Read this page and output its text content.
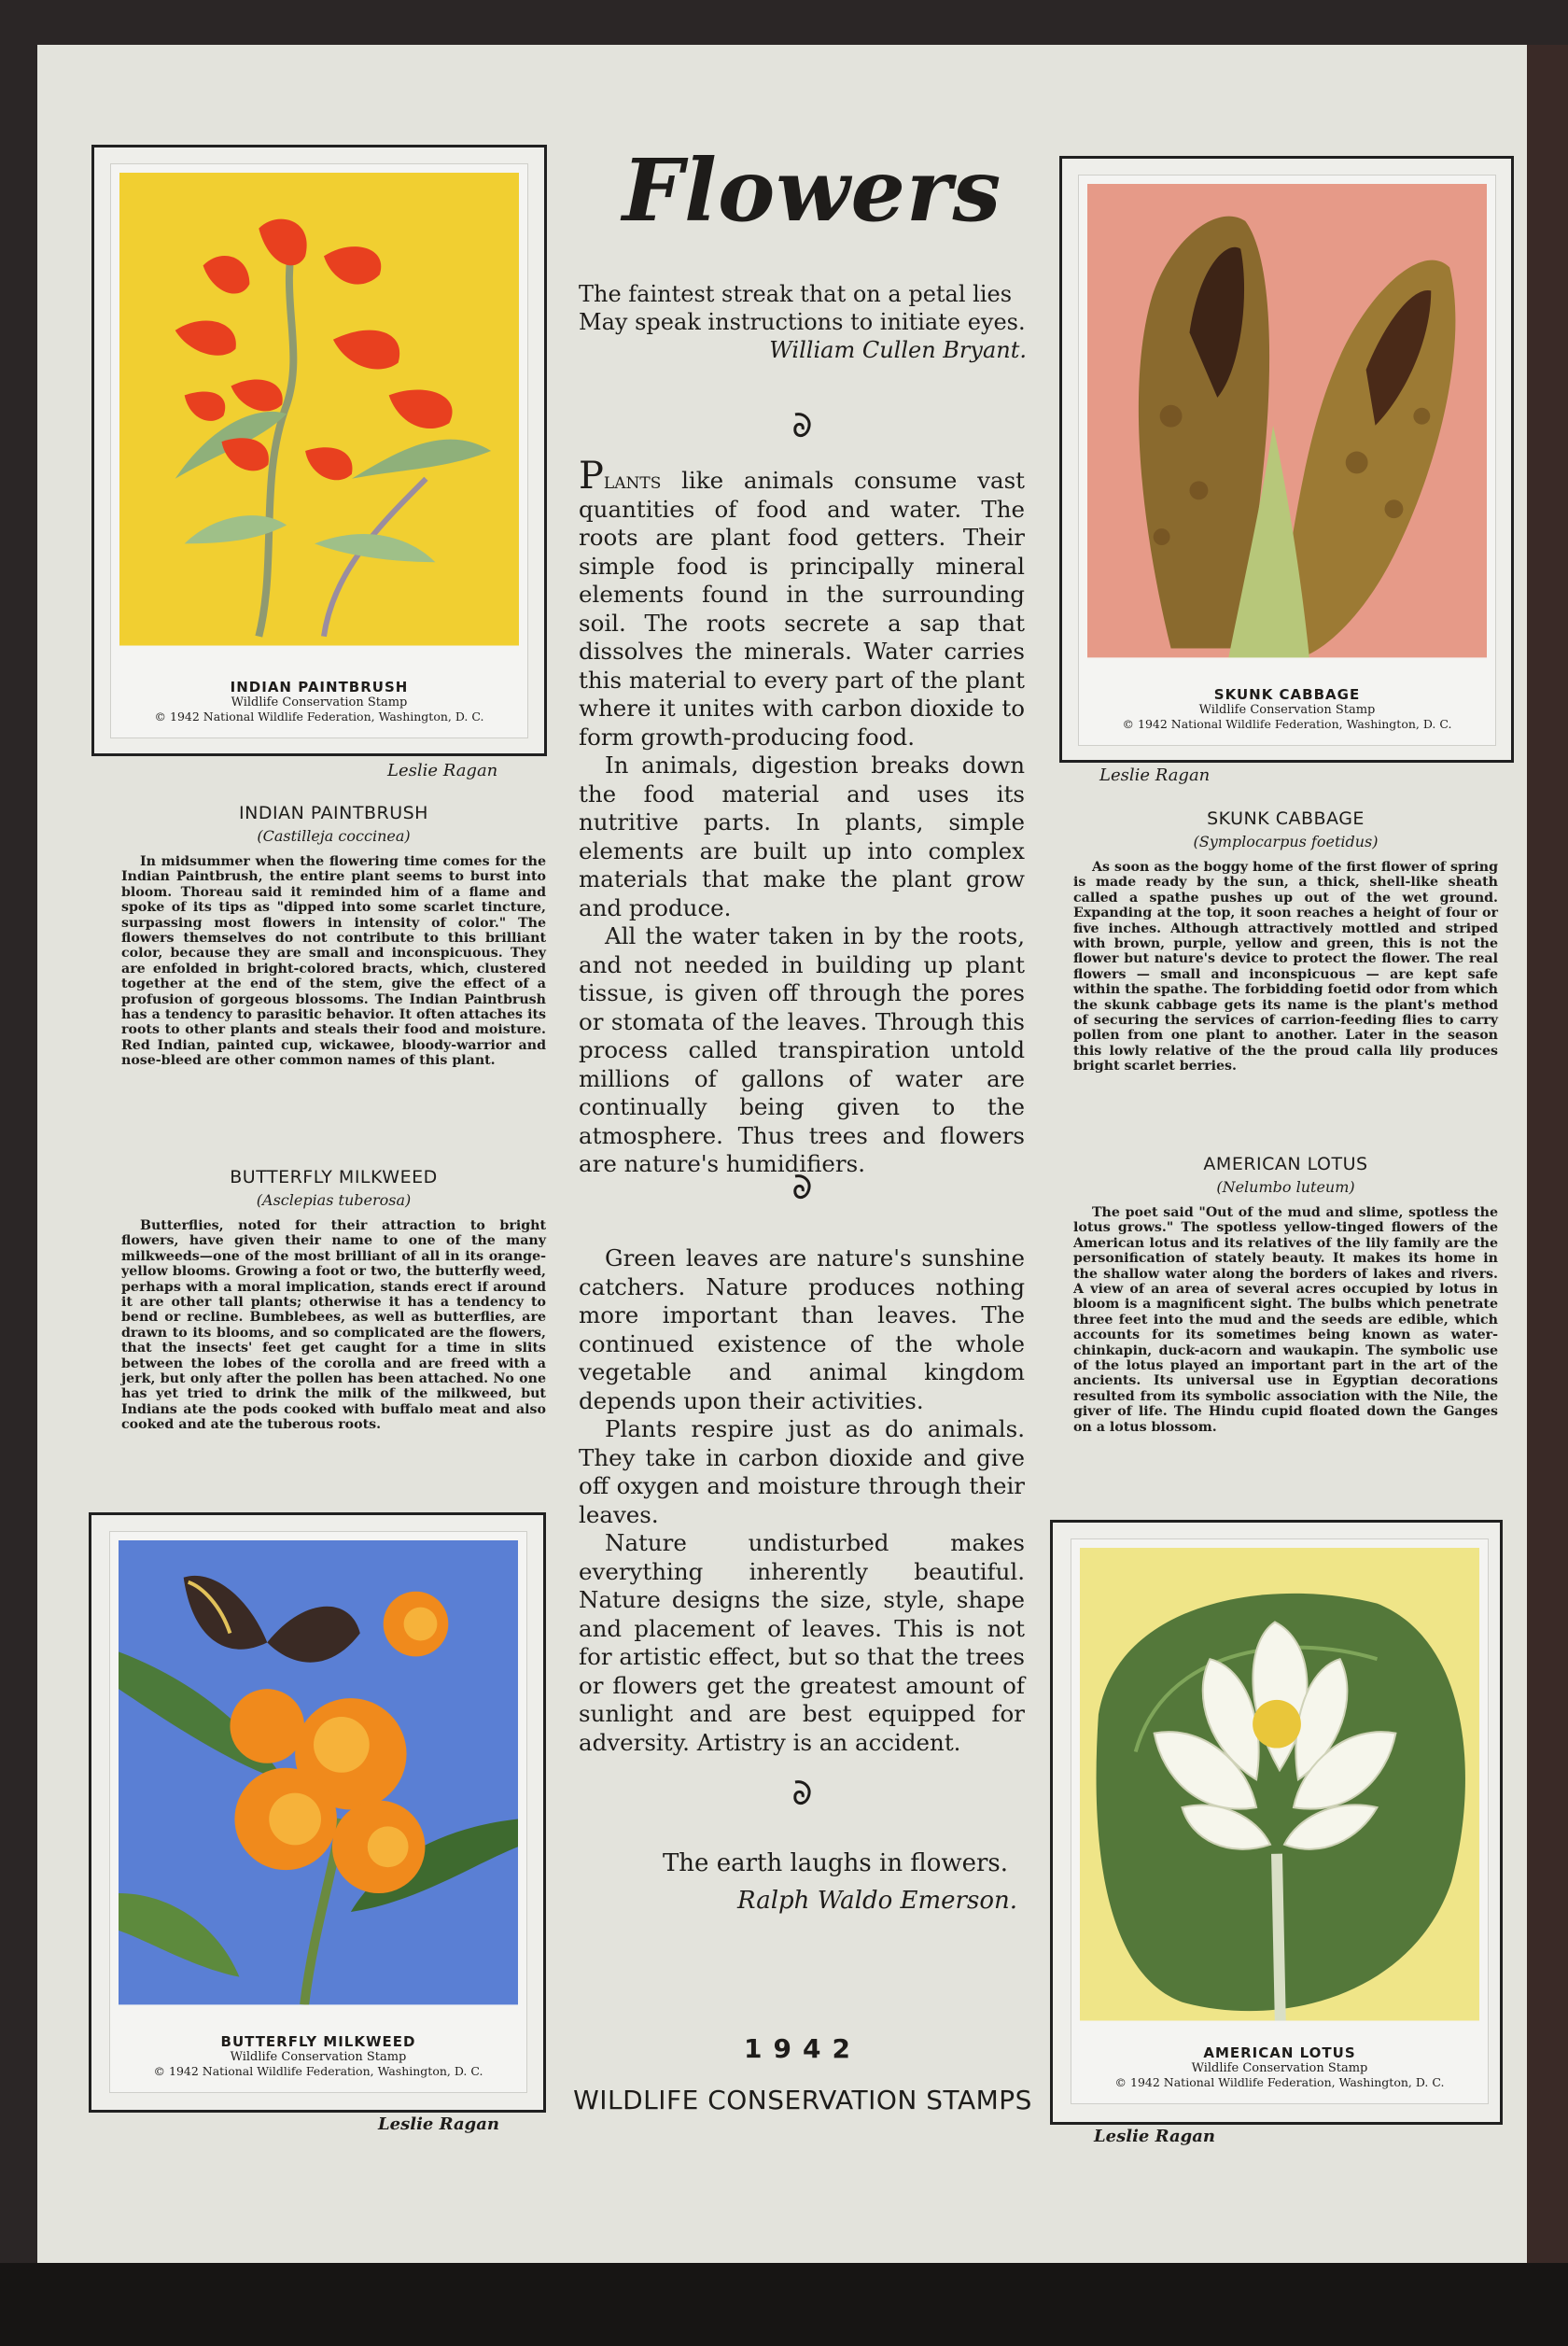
INDIAN PAINTBRUSH
Wildlife Conservation Stamp
© 1942 National Wildlife Federation, Washington, D. C.
Leslie Ragan
INDIAN PAINTBRUSH
(Castilleja coccinea)
In midsummer when the flowering time comes for the Indian Paintbrush, the entire plant seems to burst into bloom. Thoreau said it reminded him of a flame and spoke of its tips as "dipped into some scarlet tincture, surpassing most flowers in intensity of color." The flowers themselves do not contribute to this brilliant color, because they are small and inconspicuous. They are enfolded in bright-colored bracts, which, clustered together at the end of the stem, give the effect of a profusion of gorgeous blossoms. The Indian Paintbrush has a tendency to parasitic behavior. It often attaches its roots to other plants and steals their food and moisture. Red Indian, painted cup, wickawee, bloody-warrior and nose-bleed are other common names of this plant.
BUTTERFLY MILKWEED
(Asclepias tuberosa)
Butterflies, noted for their attraction to bright flowers, have given their name to one of the many milkweeds—one of the most brilliant of all in its orange-yellow blooms. Growing a foot or two, the butterfly weed, perhaps with a moral implication, stands erect if around it are other tall plants; otherwise it has a tendency to bend or recline. Bumblebees, as well as butterflies, are drawn to its blooms, and so complicated are the flowers, that the insects' feet get caught for a time in slits between the lobes of the corolla and are freed with a jerk, but only after the pollen has been attached. No one has yet tried to drink the milk of the milkweed, but Indians ate the pods cooked with buffalo meat and also cooked and ate the tuberous roots.
BUTTERFLY MILKWEED
Wildlife Conservation Stamp
© 1942 National Wildlife Federation, Washington, D. C.
Leslie Ragan
Flowers
The faintest streak that on a petal lies
May speak instructions to initiate eyes.
William Cullen Bryant.

Plants like animals consume vast quantities of food and water. The roots are plant food getters. Their simple food is principally mineral elements found in the surrounding soil. The roots secrete a sap that dissolves the minerals. Water carries this material to every part of the plant where it unites with carbon dioxide to form growth-producing food.

In animals, digestion breaks down the food material and uses its nutritive parts. In plants, simple elements are built up into complex materials that make the plant grow and produce.

All the water taken in by the roots, and not needed in building up plant tissue, is given off through the pores or stomata of the leaves. Through this process called transpiration untold millions of gallons of water are continually being given to the atmosphere. Thus trees and flowers are nature's humidifiers.

Green leaves are nature's sunshine catchers. Nature produces nothing more important than leaves. The continued existence of the whole vegetable and animal kingdom depends upon their activities.

Plants respire just as do animals. They take in carbon dioxide and give off oxygen and moisture through their leaves.

Nature undisturbed makes everything inherently beautiful. Nature designs the size, style, shape and placement of leaves. This is not for artistic effect, but so that the trees or flowers get the greatest amount of sunlight and are best equipped for adversity. Artistry is an accident.

The earth laughs in flowers.
Ralph Waldo Emerson.
1942
WILDLIFE CONSERVATION STAMPS
SKUNK CABBAGE
Wildlife Conservation Stamp
© 1942 National Wildlife Federation, Washington, D. C.
Leslie Ragan
SKUNK CABBAGE
(Symplocarpus foetidus)
As soon as the boggy home of the first flower of spring is made ready by the sun, a thick, shell-like sheath called a spathe pushes up out of the wet ground. Expanding at the top, it soon reaches a height of four or five inches. Although attractively mottled and striped with brown, purple, yellow and green, this is not the flower but nature's device to protect the flower. The real flowers — small and inconspicuous — are kept safe within the spathe. The forbidding foetid odor from which the skunk cabbage gets its name is the plant's method of securing the services of carrion-feeding flies to carry pollen from one plant to another. Later in the season this lowly relative of the the proud calla lily produces bright scarlet berries.
AMERICAN LOTUS
(Nelumbo luteum)
The poet said "Out of the mud and slime, spotless the lotus grows." The spotless yellow-tinged flowers of the American lotus and its relatives of the lily family are the personification of stately beauty. It makes its home in the shallow water along the borders of lakes and rivers. A view of an area of several acres occupied by lotus in bloom is a magnificent sight. The bulbs which penetrate three feet into the mud and the seeds are edible, which accounts for its sometimes being known as water-chinkapin, duck-acorn and waukapin. The symbolic use of the lotus played an important part in the art of the ancients. Its universal use in Egyptian decorations resulted from its symbolic association with the Nile, the giver of life. The Hindu cupid floated down the Ganges on a lotus blossom.
AMERICAN LOTUS
Wildlife Conservation Stamp
© 1942 National Wildlife Federation, Washington, D. C.
Leslie Ragan
